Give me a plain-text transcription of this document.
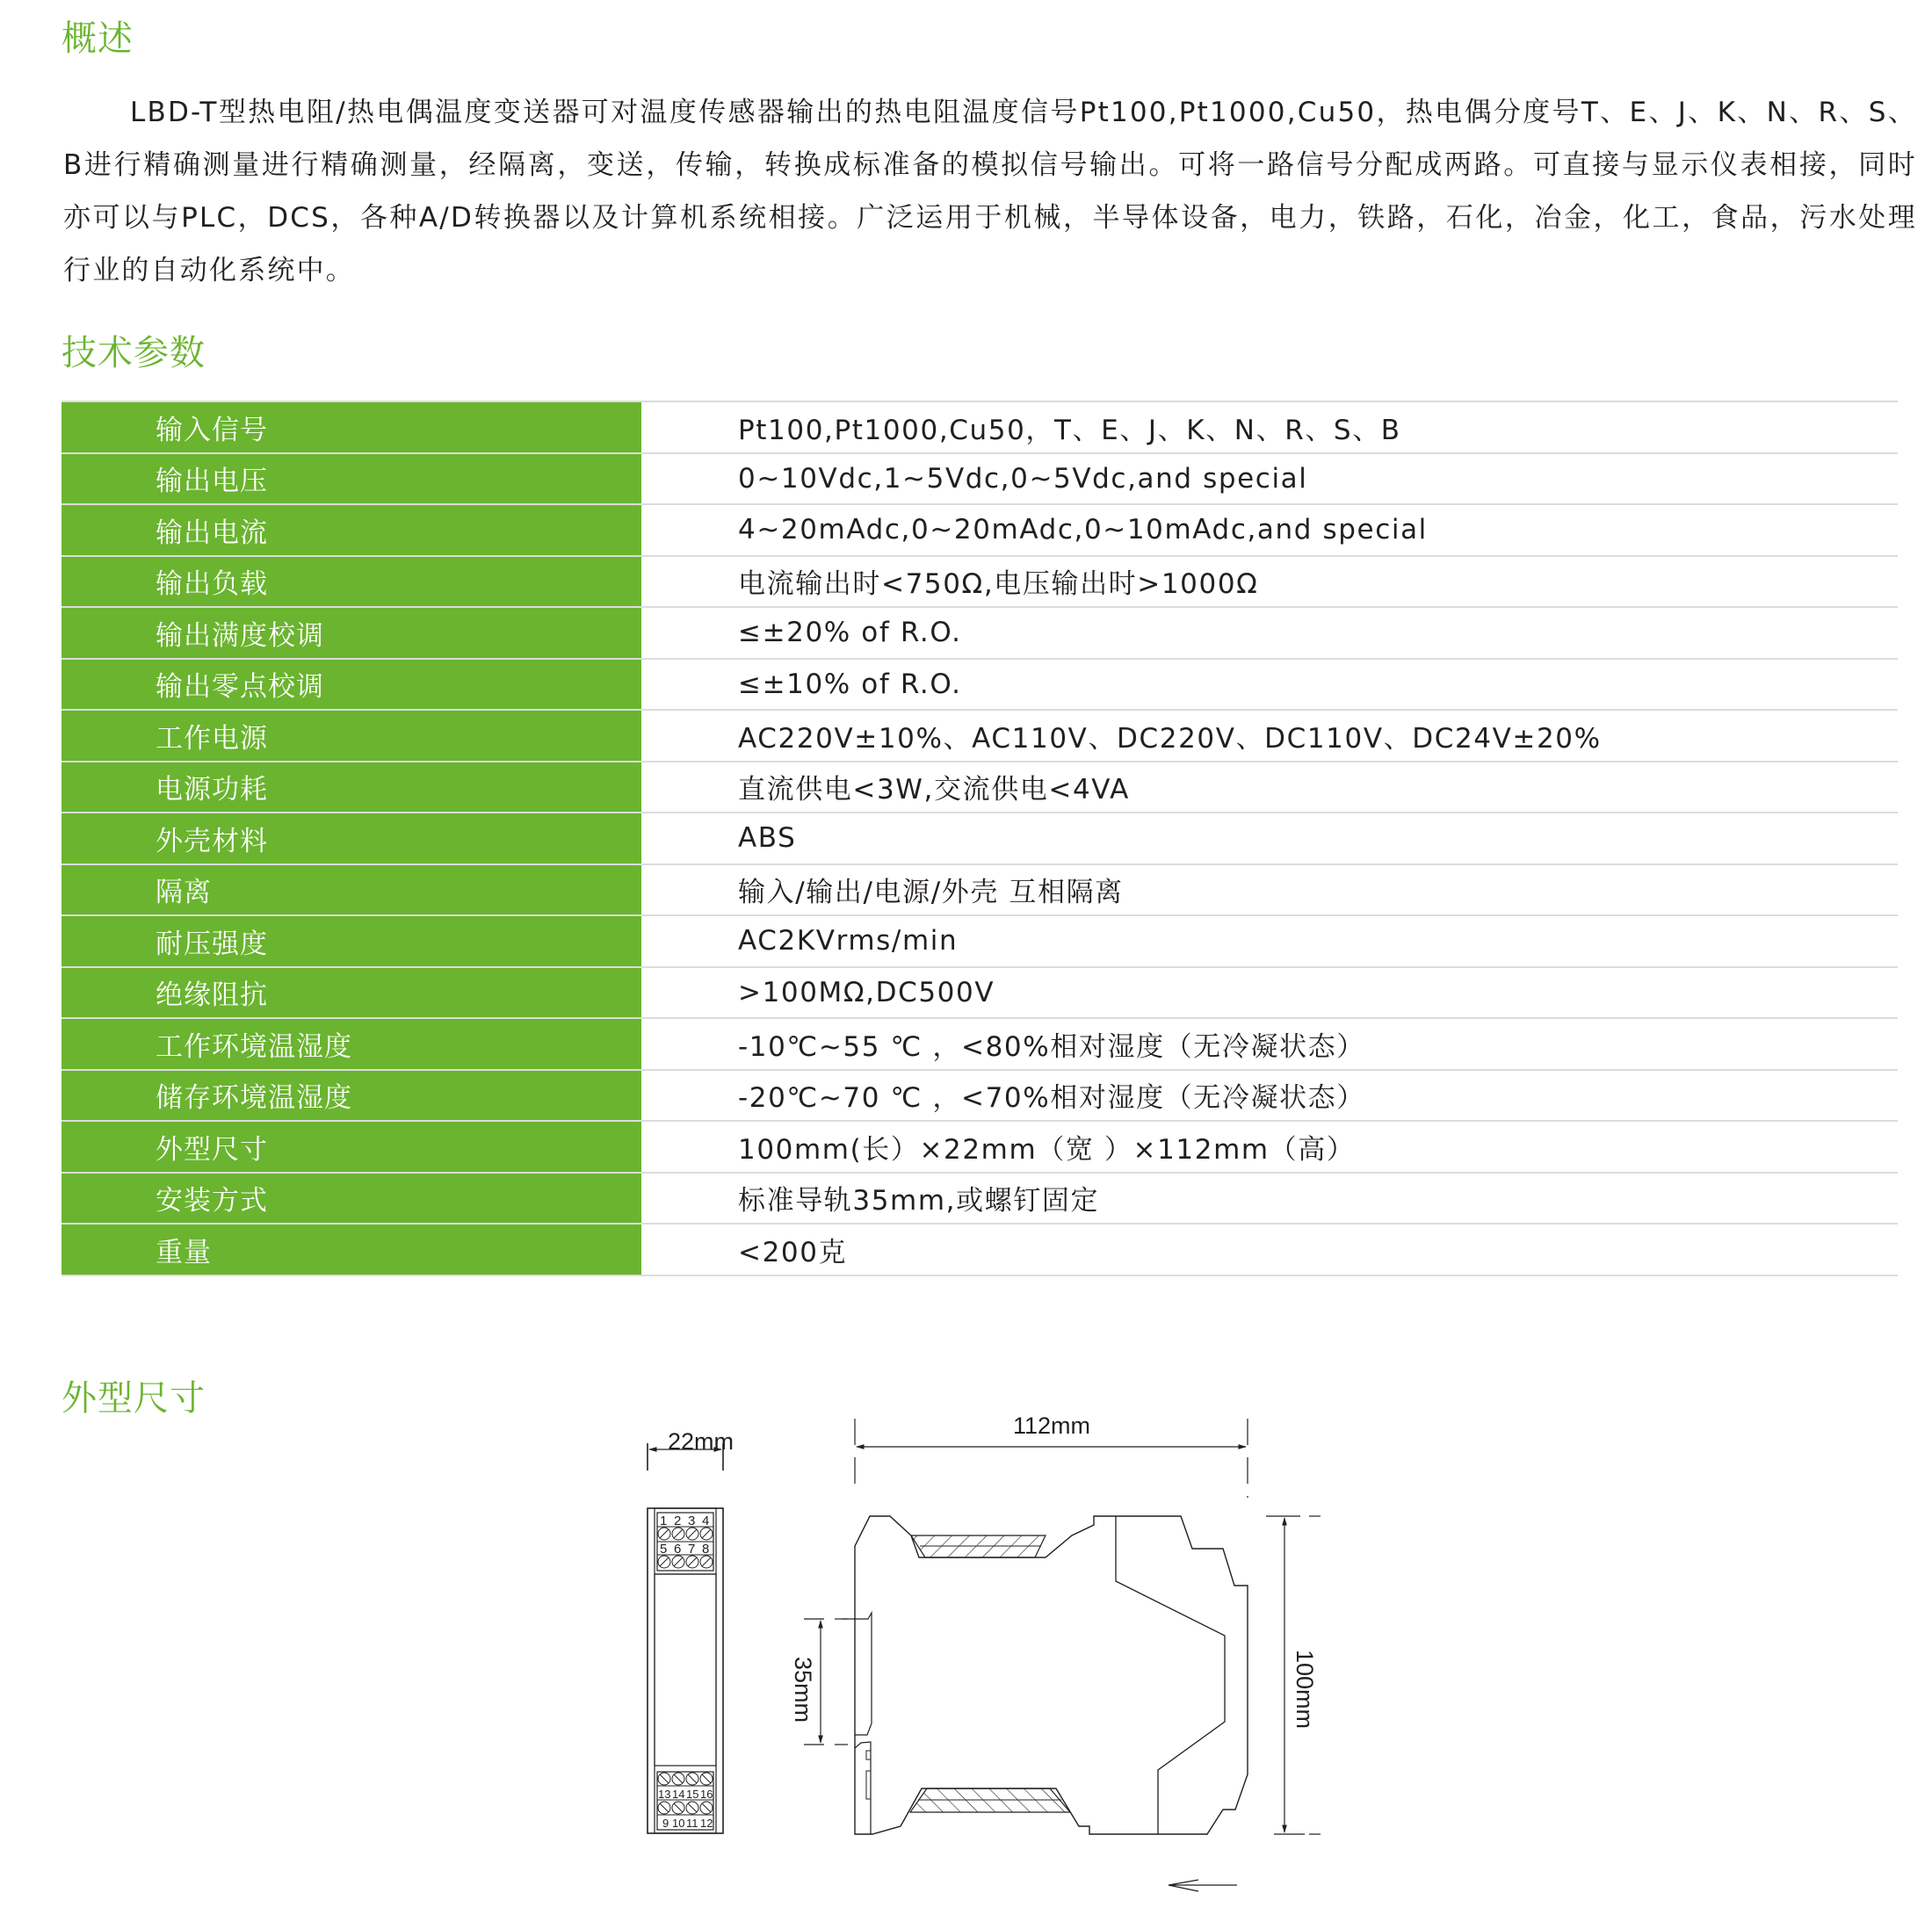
概述

LBD-T型热电阻/热电偶温度变送器可对温度传感器输出的热电阻温度信号Pt100,Pt1000,Cu50，热电偶分度号T、E、J、K、N、R、S、B进行精确测量进行精确测量，经隔离，变送，传输，转换成标准备的模拟信号输出。可将一路信号分配成两路。可直接与显示仪表相接，同时亦可以与PLC，DCS，各种A/D转换器以及计算机系统相接。广泛运用于机械，半导体设备，电力，铁路，石化，冶金，化工，食品，污水处理行业的自动化系统中。

技术参数
输入信号	Pt100,Pt1000,Cu50，T、E、J、K、N、R、S、B
输出电压	0~10Vdc,1~5Vdc,0~5Vdc,and special
输出电流	4~20mAdc,0~20mAdc,0~10mAdc,and special
输出负载	电流输出时<750Ω,电压输出时>1000Ω
输出满度校调	≤±20% of R.O.
输出零点校调	≤±10% of R.O.
工作电源	AC220V±10%、AC110V、DC220V、DC110V、DC24V±20%
电源功耗	直流供电<3W,交流供电<4VA
外壳材料	ABS
隔离	输入/输出/电源/外壳 互相隔离
耐压强度	AC2KVrms/min
绝缘阻抗	>100MΩ,DC500V
工作环境温湿度	-10℃~55 ℃ ，<80%相对湿度（无冷凝状态）
储存环境温湿度	-20℃~70 ℃ ，<70%相对湿度（无冷凝状态）
外型尺寸	100mm(长）×22mm（宽 ）×112mm（高）
安装方式	标准导轨35mm,或螺钉固定
重量	<200克
外型尺寸
22mm
1 2 3 4
5 6 7 8
13 14 15 16
9 10 11 12
112mm
100mm
35mm
